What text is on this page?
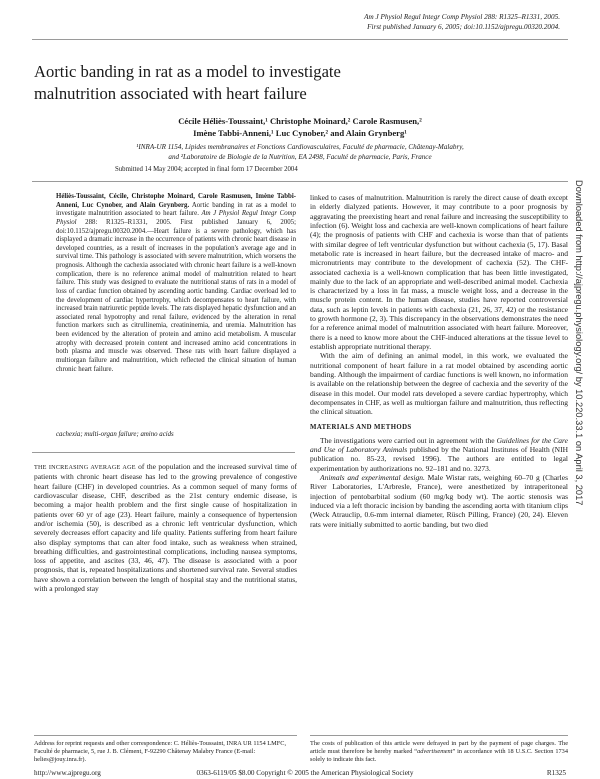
Am J Physiol Regul Integr Comp Physiol 288: R1325–R1331, 2005.
First published January 6, 2005; doi:10.1152/ajpregu.00320.2004.
Aortic banding in rat as a model to investigate
malnutrition associated with heart failure
Cécile Héliès-Toussaint,¹ Christophe Moinard,² Carole Rasmusen,²
Imène Tabbi-Anneni,¹ Luc Cynober,² and Alain Grynberg¹
¹INRA-UR 1154, Lipides membranaires et Fonctions Cardiovasculaires, Faculté de pharmacie, Châtenay-Malabry,
and ²Laboratoire de Biologie de la Nutrition, EA 2498, Faculté de pharmacie, Paris, France
Submitted 14 May 2004; accepted in final form 17 December 2004
Héliès-Toussaint, Cécile, Christophe Moinard, Carole Rasmusen, Imène Tabbi-Anneni, Luc Cynober, and Alain Grynberg. Aortic banding in rat as a model to investigate malnutrition associated to heart failure. Am J Physiol Regul Integr Comp Physiol 288: R1325–R1331, 2005. First published January 6, 2005; doi:10.1152/ajpregu.00320.2004.—Heart failure is a severe pathology, which has displayed a dramatic increase in the occurrence of patients with chronic heart disease in developed countries, as a result of increases in the population's average age and in survival time. This pathology is associated with severe malnutrition, which worsens the prognosis. Although the cachexia associated with chronic heart failure is a well-known complication, there is no reference animal model of malnutrition related to heart failure. This study was designed to evaluate the nutritional status of rats in a model of loss of cardiac function obtained by ascending aortic banding. Cardiac overload led to the development of cardiac hypertrophy, which decompensates to heart failure, with increased brain natriuretic peptide levels. The rats displayed hepatic dysfunction and an associated renal hypotrophy and renal failure, evidenced by the alteration in renal function markers such as citrullinemia, creatininemia, and uremia. Malnutrition has been evidenced by the alteration of protein and amino acid metabolism. A muscular atrophy with decreased protein content and increased amino acid concentrations in both plasma and muscle was observed. These rats with heart failure displayed a multiorgan failure and malnutrition, which reflected the clinical situation of human chronic heart failure.
cachexia; multi-organ failure; amino acids
THE INCREASING AVERAGE AGE of the population and the increased survival time of patients with chronic heart disease has led to the growing prevalence of congestive heart failure (CHF) in developed countries. As a common sequel of many forms of cardiovascular disease, CHF, described as the 21st century endemic disease, is becoming a major health problem and the first single cause of hospitalization in patients over 60 yr of age (23). Heart failure, mainly a consequence of hypertension and/or ischemia (50), is described as a chronic left ventricular dysfunction, which severely decreases effort capacity and life quality. Patients suffering from heart failure also display symptoms that can alter food intake, such as weakness when strained, breathing difficulties, and gastrointestinal complications, including nausea symptoms, loss of appetite, and ascites (33, 46, 47). The disease is associated with a poor prognosis, that is, repeated hospitalizations and shortened survival rate. Several studies have shown a correlation between the length of hospital stay and the nutritional status, with a prolonged stay

linked to cases of malnutrition. Malnutrition is rarely the direct cause of death except in elderly dialyzed patients. However, it may contribute to a poor prognosis by aggravating the preexisting heart and renal failure and increasing the susceptibility to infection (6). Weight loss and cachexia are well-known complications of heart failure (4); the prognosis of patients with CHF and cachexia is worse than that of patients with similar degree of left ventricular dysfunction but without cachexia (5, 17). Basal metabolic rate is increased in heart failure, but the decreased intake of macro- and micronutrients may contribute to the development of cachexia (52). The CHF-associated cachexia is a well-known complication that has been little investigated, mainly due to the lack of an appropriate and well-described animal model. Cachexia is characterized by a loss in fat mass, a muscle weight loss, and a decrease in the muscle protein content. In the human disease, studies have reported controversial data, such as leptin levels in patients with cachexia (21, 26, 37, 42) or the resistance to growth hormone (2, 3). This discrepancy in the observations demonstrates the need for a reference animal model of malnutrition associated with heart failure. Moreover, there is a need to know more about the CHF-induced alterations at the tissue level to establish appropriate nutritional therapy.

With the aim of defining an animal model, in this work, we evaluated the nutritional component of heart failure in a rat model obtained by ascending aortic banding. Although the impairment of cardiac functions is well known, no information is available on the relationship between the degree of cachexia and the severity of the disease in this model. Our model rats developed a severe cardiac hypertrophy, which decompensates in CHF, as well as multiorgan failure and malnutrition, thus reflecting the clinical situation.

MATERIALS AND METHODS

The investigations were carried out in agreement with the Guidelines for the Care and Use of Laboratory Animals published by the National Institutes of Health (NIH publication no. 85-23, revised 1996). The authors are entitled to legal experimentation by authorizations no. 92–181 and no. 3273.

Animals and experimental design. Male Wistar rats, weighing 60–70 g (Charles River Laboratories, L'Arbresle, France), were anesthetized by intraperitoneal injection of pentobarbital sodium (60 mg/kg body wt). The aortic stenosis was induced via a left thoracic incision by banding the ascending aorta with titanium clips (Weck Atrauclip, 0.6-mm internal diameter, Rüsch Pilling, France) (20, 24). Eleven rats were initially submitted to aortic banding, but two died

Address for reprint requests and other correspondence: C. Héliès-Toussaint, INRA UR 1154 LMFC, Faculté de pharmacie, 5, rue J. B. Clément, F-92290 Châtenay Malabry France (E-mail: helies@jouy.inra.fr).
The costs of publication of this article were defrayed in part by the payment of page charges. The article must therefore be hereby marked “advertisement” in accordance with 18 U.S.C. Section 1734 solely to indicate this fact.
http://www.ajpregu.org	0363-6119/05 $8.00 Copyright © 2005 the American Physiological Society	R1325
Downloaded from http://ajpregu.physiology.org/ by 10.220.33.1 on April 3, 2017
